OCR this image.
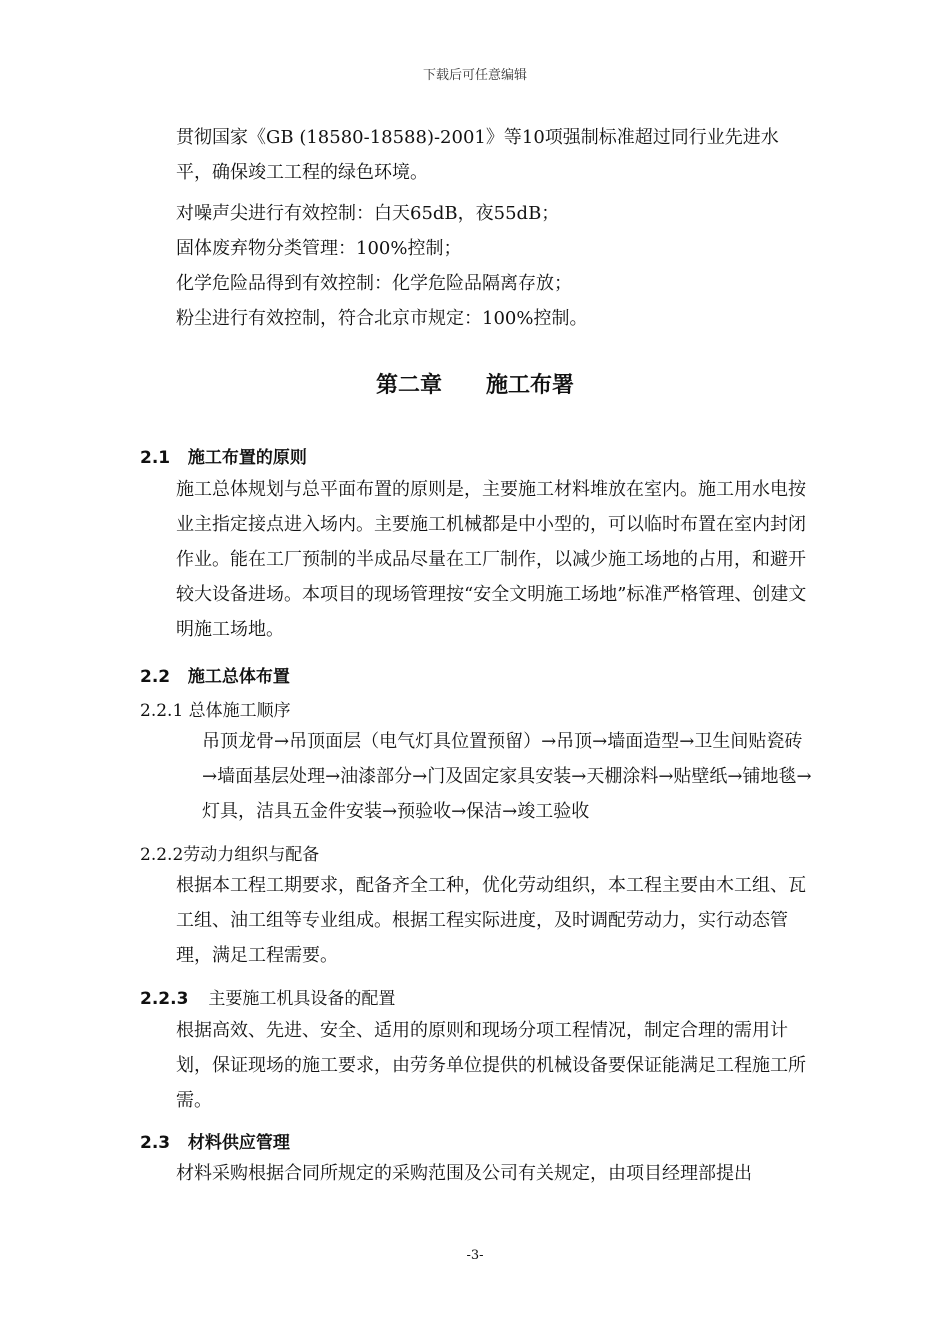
下载后可任意编辑

贯彻国家《GB (18580-18588)-2001》等10项强制标准超过同行业先进水平，确保竣工工程的绿色环境。

对噪声尖进行有效控制：白天65dB，夜55dB；
固体废弃物分类管理：100%控制；
化学危险品得到有效控制：化学危险品隔离存放；
粉尘进行有效控制，符合北京市规定：100%控制。
第二章 施工布署
2.1   施工布置的原则

施工总体规划与总平面布置的原则是，主要施工材料堆放在室内。施工用水电按业主指定接点进入场内。主要施工机械都是中小型的，可以临时布置在室内封闭作业。能在工厂预制的半成品尽量在工厂制作，以减少施工场地的占用，和避开较大设备进场。本项目的现场管理按“安全文明施工场地”标准严格管理、创建文明施工场地。

2.2   施工总体布置
2.2.1 总体施工顺序

吊顶龙骨→吊顶面层（电气灯具位置预留）→吊顶→墙面造型→卫生间贴瓷砖→墙面基层处理→油漆部分→门及固定家具安装→天棚涂料→贴壁纸→铺地毯→灯具，洁具五金件安装→预验收→保洁→竣工验收

2.2.2劳动力组织与配备

根据本工程工期要求，配备齐全工种，优化劳动组织，本工程主要由木工组、瓦工组、油工组等专业组成。根据工程实际进度，及时调配劳动力，实行动态管理，满足工程需要。

2.2.3 主要施工机具设备的配置

根据高效、先进、安全、适用的原则和现场分项工程情况，制定合理的需用计划，保证现场的施工要求，由劳务单位提供的机械设备要保证能满足工程施工所需。

2.3   材料供应管理

材料采购根据合同所规定的采购范围及公司有关规定，由项目经理部提出

-3-
